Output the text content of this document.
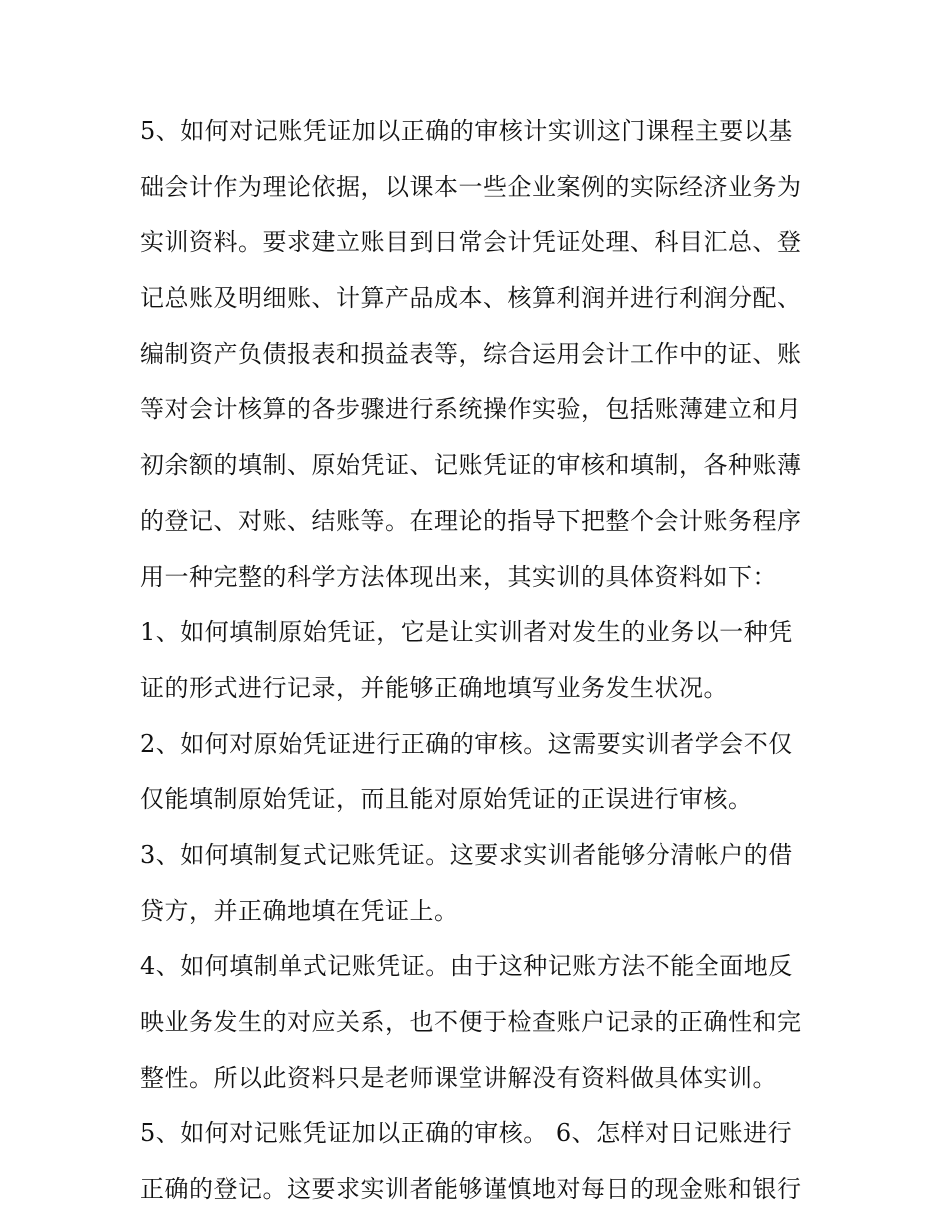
5、如何对记账凭证加以正确的审核计实训这门课程主要以基
础会计作为理论依据，以课本一些企业案例的实际经济业务为
实训资料。要求建立账目到日常会计凭证处理、科目汇总、登
记总账及明细账、计算产品成本、核算利润并进行利润分配、
编制资产负债报表和损益表等，综合运用会计工作中的证、账
等对会计核算的各步骤进行系统操作实验，包括账薄建立和月
初余额的填制、原始凭证、记账凭证的审核和填制，各种账薄
的登记、对账、结账等。在理论的指导下把整个会计账务程序
用一种完整的科学方法体现出来，其实训的具体资料如下：
1、如何填制原始凭证，它是让实训者对发生的业务以一种凭
证的形式进行记录，并能够正确地填写业务发生状况。
2、如何对原始凭证进行正确的审核。这需要实训者学会不仅
仅能填制原始凭证，而且能对原始凭证的正误进行审核。
3、如何填制复式记账凭证。这要求实训者能够分清帐户的借
贷方，并正确地填在凭证上。
4、如何填制单式记账凭证。由于这种记账方法不能全面地反
映业务发生的对应关系，也不便于检查账户记录的正确性和完
整性。所以此资料只是老师课堂讲解没有资料做具体实训。
5、如何对记账凭证加以正确的审核。 6、怎样对日记账进行
正确的登记。这要求实训者能够谨慎地对每日的现金账和银行
